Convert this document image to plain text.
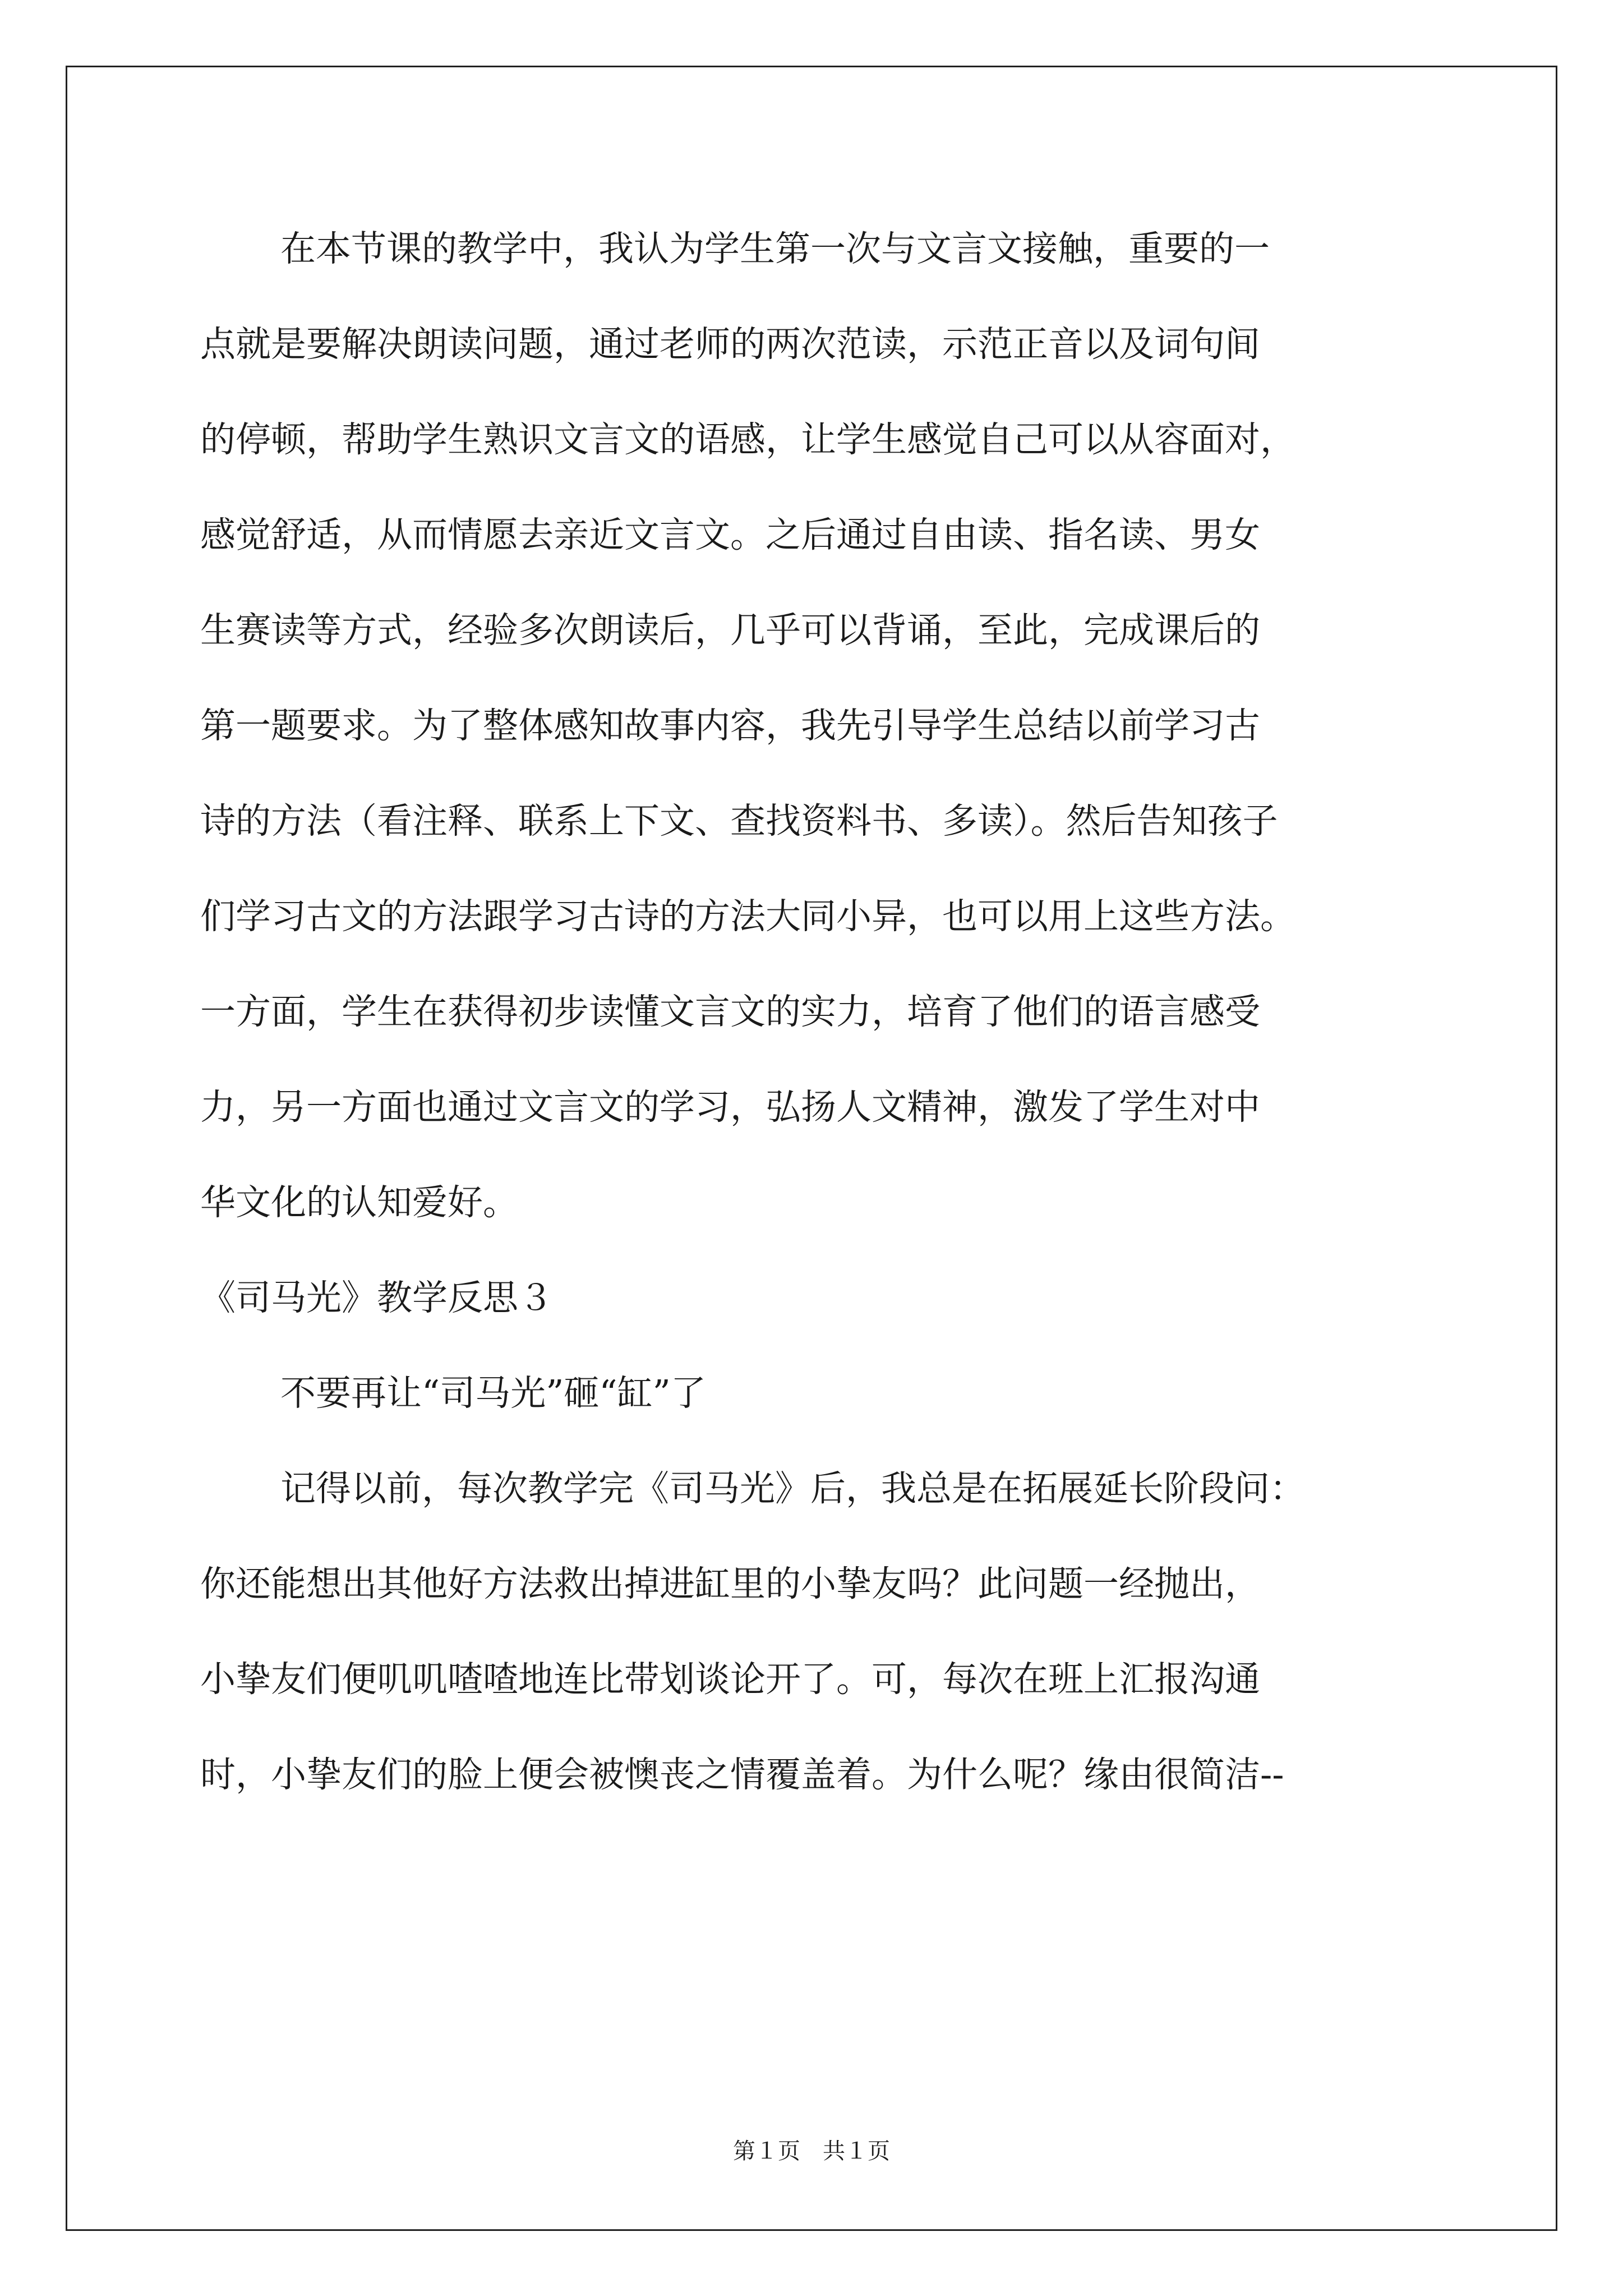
在本节课的教学中，我认为学生第一次与文言文接触，重要的一
点就是要解决朗读问题，通过老师的两次范读，示范正音以及词句间
的停顿，帮助学生熟识文言文的语感，让学生感觉自己可以从容面对，
感觉舒适，从而情愿去亲近文言文。之后通过自由读、指名读、男女
生赛读等方式，经验多次朗读后，几乎可以背诵，至此，完成课后的
第一题要求。为了整体感知故事内容，我先引导学生总结以前学习古
诗的方法（看注释、联系上下文、查找资料书、多读）。然后告知孩子
们学习古文的方法跟学习古诗的方法大同小异，也可以用上这些方法。
一方面，学生在获得初步读懂文言文的实力，培育了他们的语言感受
力，另一方面也通过文言文的学习，弘扬人文精神，激发了学生对中
华文化的认知爱好。
《司马光》教学反思３
不要再让“司马光”砸“缸”了
记得以前，每次教学完《司马光》后，我总是在拓展延长阶段问：
你还能想出其他好方法救出掉进缸里的小挚友吗？此问题一经抛出，
小挚友们便叽叽喳喳地连比带划谈论开了。可，每次在班上汇报沟通
时，小挚友们的脸上便会被懊丧之情覆盖着。为什么呢？缘由很简洁--
第１页　共１页
